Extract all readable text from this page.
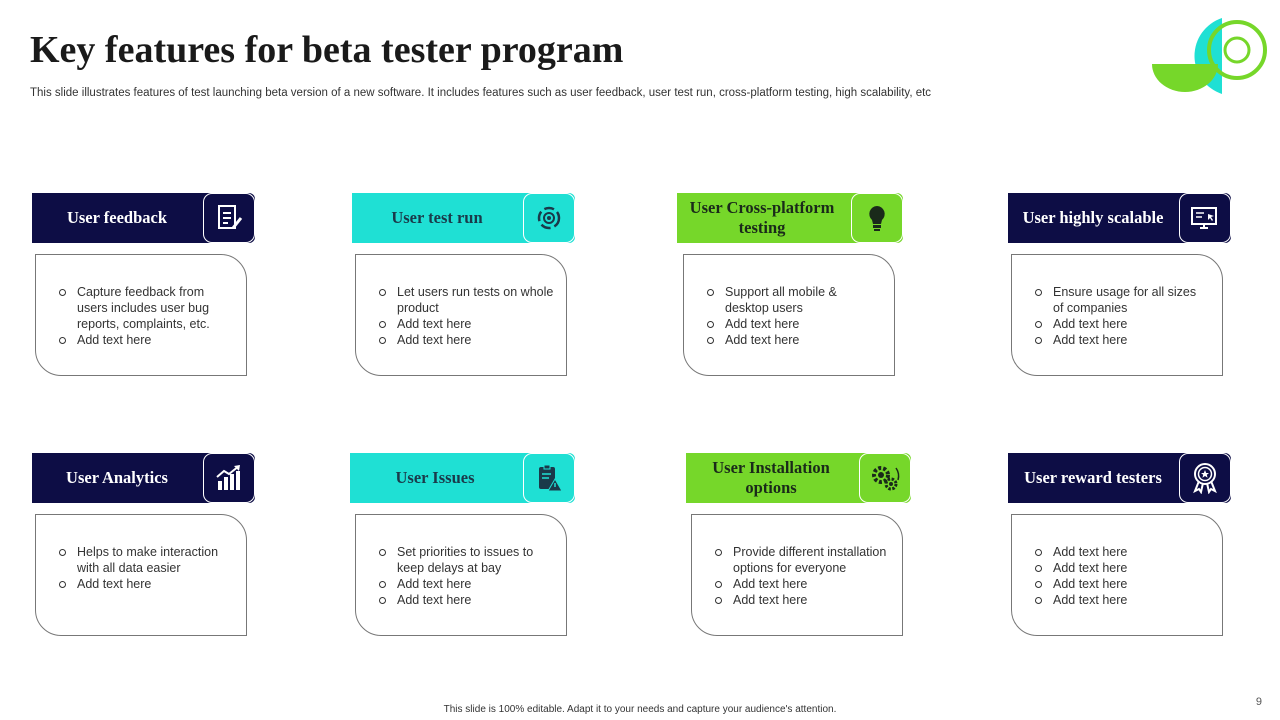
Key features for beta tester program
This slide illustrates features of test launching beta version of a new software. It includes features such as user feedback, user test run, cross-platform testing, high scalability, etc
User feedback
Capture feedback from users includes user bug reports, complaints, etc.
Add text here
User test run
Let users run tests on whole product
Add text here
Add text here
User Cross-platform testing
Support all mobile & desktop users
Add text here
Add text here
User highly scalable
Ensure usage for all sizes of companies
Add text here
Add text here
User Analytics
Helps to make interaction with all data easier
Add text here
User Issues
Set priorities to issues to keep delays at bay
Add text here
Add text here
User Installation options
Provide different installation options for everyone
Add text here
Add text here
User reward testers
Add text here
Add text here
Add text here
Add text here
This slide is 100% editable. Adapt it to your needs and capture your audience's attention.
9
